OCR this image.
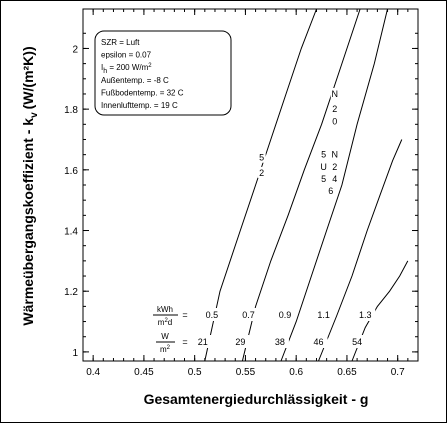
0.4	0.45	0.5	0.55	0.6	0.65	0.7
1
1.2
1.4
1.6
1.8
2
5
2
N
2
0
5
U
5
N
2
4
6
SZR = Luft
epsilon = 0.07
Ih = 200 $W/m^2$
Außentemp. = -8 C
Fußbodentemp. = 32 C
Innenlufttemp. = 19 C
kWh
$m^2d$
= 0.5	0.7	0.9	1.1	1.3
W
$m^2$
= 21	29	38	46	54
Gesamtenergiedurchlässigkeit - g
Wärmeübergangskoeffizient - $k_v(W/(m^2K))$
